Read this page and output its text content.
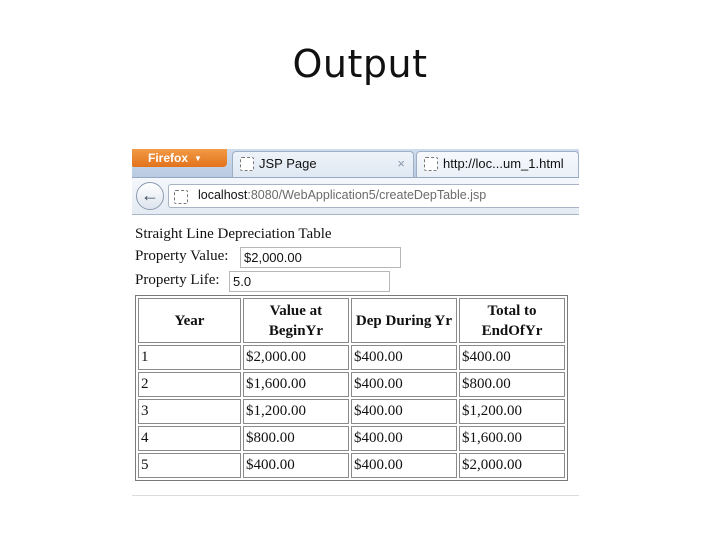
Output
Firefox ▼	JSP Page	×	http://loc...um_1.html
←	localhost:8080/WebApplication5/createDepTable.jsp
Straight Line Depreciation Table
Property Value:	$2,000.00
Property Life:	5.0
Year	Value at BeginYr	Dep During Yr	Total to EndOfYr
1	$2,000.00	$400.00	$400.00
2	$1,600.00	$400.00	$800.00
3	$1,200.00	$400.00	$1,200.00
4	$800.00	$400.00	$1,600.00
5	$400.00	$400.00	$2,000.00
